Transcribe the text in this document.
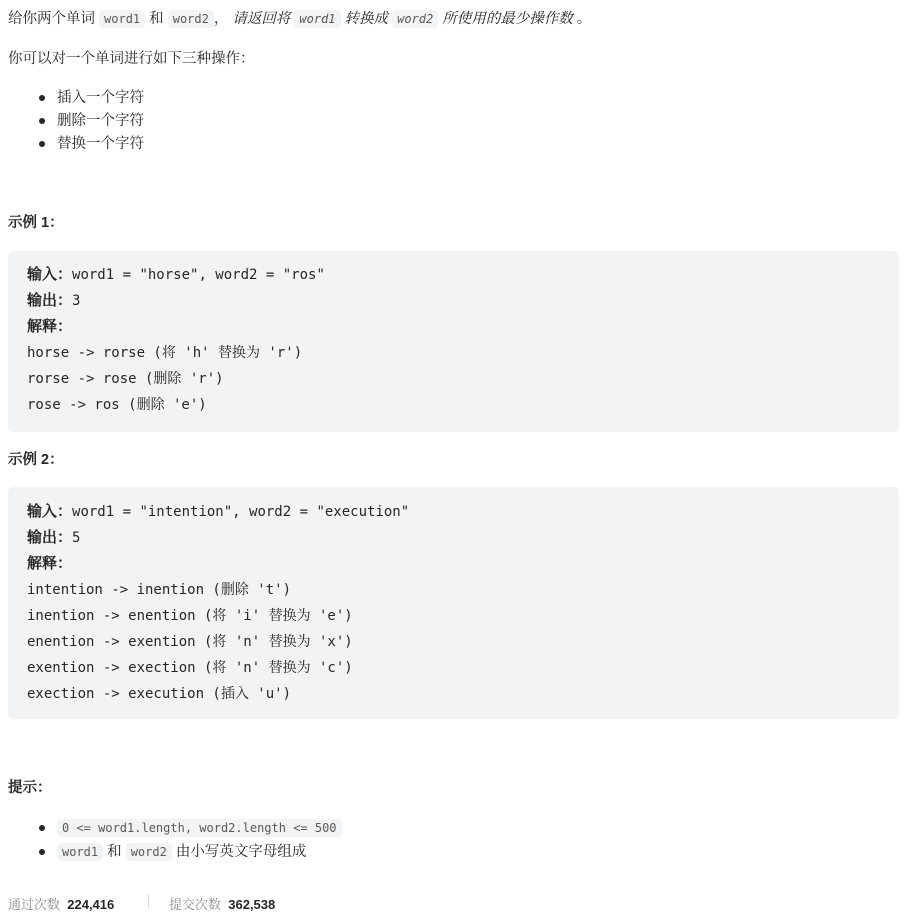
给你两个单词 word1 和 word2 ， 请返回将 word1 转换成 word2 所使用的最少操作数 。
你可以对一个单词进行如下三种操作：
插入一个字符
删除一个字符
替换一个字符
示例 1：
输入：word1 = "horse", word2 = "ros"
输出：3
解释：
horse -> rorse (将 'h' 替换为 'r')
rorse -> rose (删除 'r')
rose -> ros (删除 'e')
示例 2：
输入：word1 = "intention", word2 = "execution"
输出：5
解释：
intention -> inention (删除 't')
inention -> enention (将 'i' 替换为 'e')
enention -> exention (将 'n' 替换为 'x')
exention -> exection (将 'n' 替换为 'c')
exection -> execution (插入 'u')
提示：
0 <= word1.length, word2.length <= 500
word1 和 word2 由小写英文字母组成
通过次数 224,416	提交次数 362,538
